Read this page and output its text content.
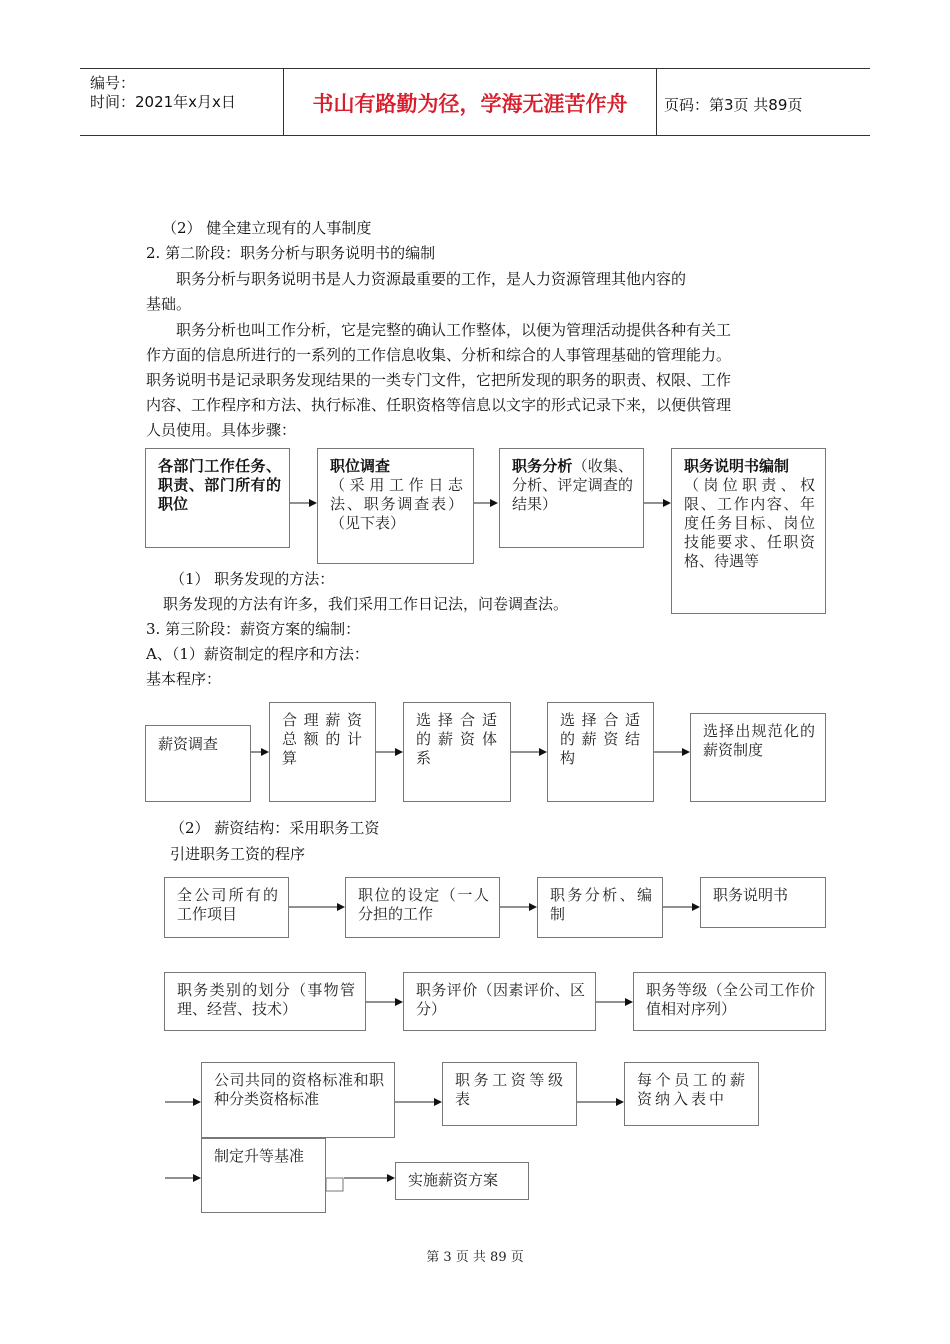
编号：
时间：2021年x月x日	书山有路勤为径，学海无涯苦作舟	页码：第3页 共89页
（2） 健全建立现有的人事制度
2. 第二阶段：职务分析与职务说明书的编制
职务分析与职务说明书是人力资源最重要的工作，是人力资源管理其他内容的
基础。
职务分析也叫工作分析，它是完整的确认工作整体，以便为管理活动提供各种有关工
作方面的信息所进行的一系列的工作信息收集、分析和综合的人事管理基础的管理能力。
职务说明书是记录职务发现结果的一类专门文件，它把所发现的职务的职责、权限、工作
内容、工作程序和方法、执行标准、任职资格等信息以文字的形式记录下来，以便供管理
人员使用。具体步骤：
（1） 职务发现的方法：
职务发现的方法有许多，我们采用工作日记法，问卷调查法。
3. 第三阶段：薪资方案的编制：
A、（1）薪资制定的程序和方法：
基本程序：
（2） 薪资结构：采用职务工资
引进职务工资的程序
各部门工作任务、职责、部门所有的职位
职位调查
（采用工作日志法、职务调查表）（见下表）
职务分析（收集、分析、评定调查的结果）
职务说明书编制
（岗位职责、权限、工作内容、年度任务目标、岗位技能要求、任职资格、待遇等
薪资调查
合理薪资总额的计算
选择合适的薪资体系
选择合适的薪资结构
选择出规范化的薪资制度
全公司所有的工作项目
职位的设定（一人分担的工作
职务分析、编制
职务说明书
职务类别的划分（事物管理、经营、技术）
职务评价（因素评价、区分）
职务等级（全公司工作价值相对序列）
公司共同的资格标准和职种分类资格标准
职务工资等级表
每个员工的薪资纳入表中
制定升等基准
实施薪资方案
第 3 页 共 89 页
